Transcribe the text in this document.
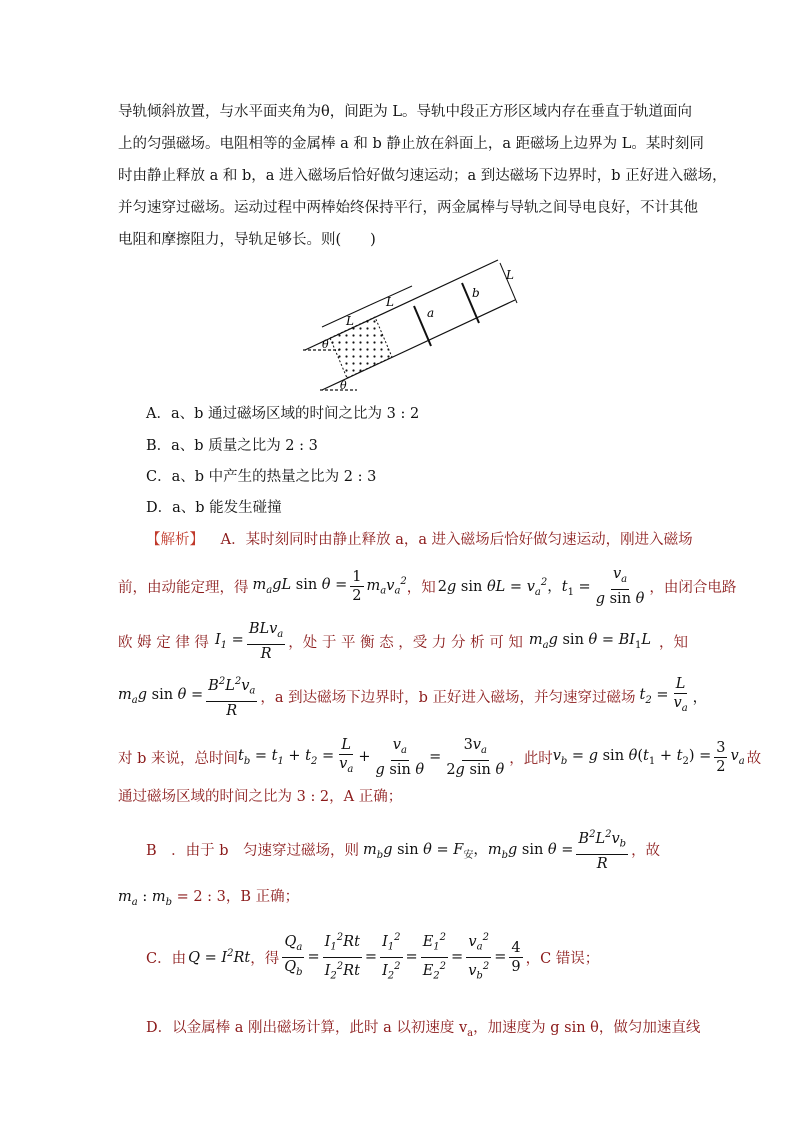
导轨倾斜放置，与水平面夹角为θ，间距为 L。导轨中段正方形区域内存在垂直于轨道面向
上的匀强磁场。电阻相等的金属棒 a 和 b 静止放在斜面上，a 距磁场上边界为 L。某时刻同
时由静止释放 a 和 b，a 进入磁场后恰好做匀速运动；a 到达磁场下边界时，b 正好进入磁场，
并匀速穿过磁场。运动过程中两棒始终保持平行，两金属棒与导轨之间导电良好，不计其他
电阻和摩擦阻力，导轨足够长。则(　　)
L
L
L
a
b
θ
θ
A．a、b 通过磁场区域的时间之比为 3 : 2
B．a、b 质量之比为 2 : 3
C．a、b 中产生的热量之比为 2 : 3
D．a、b 能发生碰撞
【解析】 A．某时刻同时由静止释放 a，a 进入磁场后恰好做匀速运动，刚进入磁场
前，由动能定理，得 $m_agL$ $\sin \theta = \frac{1}{2} m_av_a^2$ ，知 2g $\sin \theta L = v_a^2$，$t_1 = \frac{v_a}{\text{g sin θ}}$ ，由闭合电路
欧 姆 定 律 得 $I_1 = \frac{BLv_a}{R}$ ，处 于 平 衡 态 ，受 力 分 析 可 知 $m_ag$ $\sin \theta = BI_1L$ ，知
$m_ag$ $\sin \theta = \frac{B^2L^2v_a}{R}$ ，a 到达磁场下边界时，b 正好进入磁场，并匀速穿过磁场 $t_2 = \frac{L}{v_a}$ ，
对 b 来说，总时间 $t_b = t_1 + t_2 = \frac{L}{v_a} + \frac{v_a}{\text{g sin θ}} = \frac{3v_a}{\text{2g sin θ}}$ ，此时 $v_b = g$ $\sin \theta(t_1 + t_2) = \frac{3}{2} v_a$ 故
通过磁场区域的时间之比为 3 : 2，A 正确；
B　．由于 b　匀速穿过磁场，则 $m_bg$ $\sin \theta = F_安$，$m_bg$ $\sin \theta = \frac{B^2L^2v_b}{R}$ ，故
$m_a$ : $m_b = 2$ : 3，B 正确；
C．由 $Q = I^2Rt$ ，得 $\frac{Q_a}{Q_b} = \frac{I_1^2Rt}{I_2^2Rt} = \frac{I_1^2}{I_2^2} = \frac{E_1^2}{E_2^2} = \frac{v_a^2}{v_b^2} = \frac{4}{9}$ ，C 错误；
D．以金属棒 a 刚出磁场计算，此时 a 以初速度 $v_a$，加速度为 g sin θ，做匀加速直线
